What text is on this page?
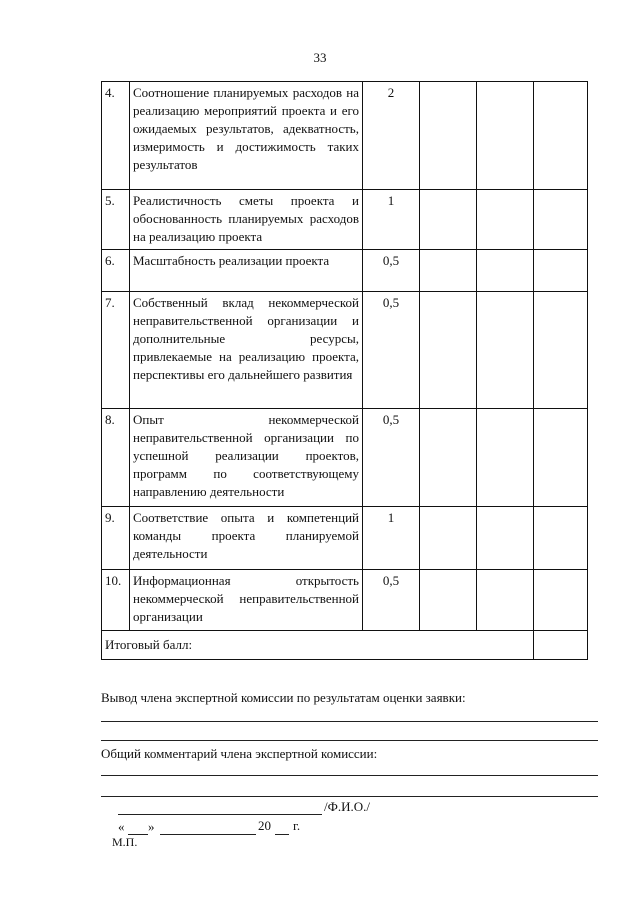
33
4.	Соотношение планируемых расходов на реализацию мероприятий проекта и его ожидаемых результатов, адекватность, измеримость и достижимость таких результатов	2			
5.	Реалистичность сметы проекта и обоснованность планируемых расходов на реализацию проекта	1			
6.	Масштабность реализации проекта	0,5			
7.	Собственный вклад некоммерческой неправительственной организации и дополнительные ресурсы, привлекаемые на реализацию проекта, перспективы его дальнейшего развития	0,5			
8.	Опыт некоммерческой неправительственной организации по успешной реализации проектов, программ по соответствующему направлению деятельности	0,5			
9.	Соответствие опыта и компетенций команды проекта планируемой деятельности	1			
10.	Информационная открытость некоммерческой неправительственной организации	0,5			
Итоговый балл:					
Вывод члена экспертной комиссии по результатам оценки заявки:
Общий комментарий члена экспертной комиссии:
/Ф.И.О./
« »	20 г.
М.П.
